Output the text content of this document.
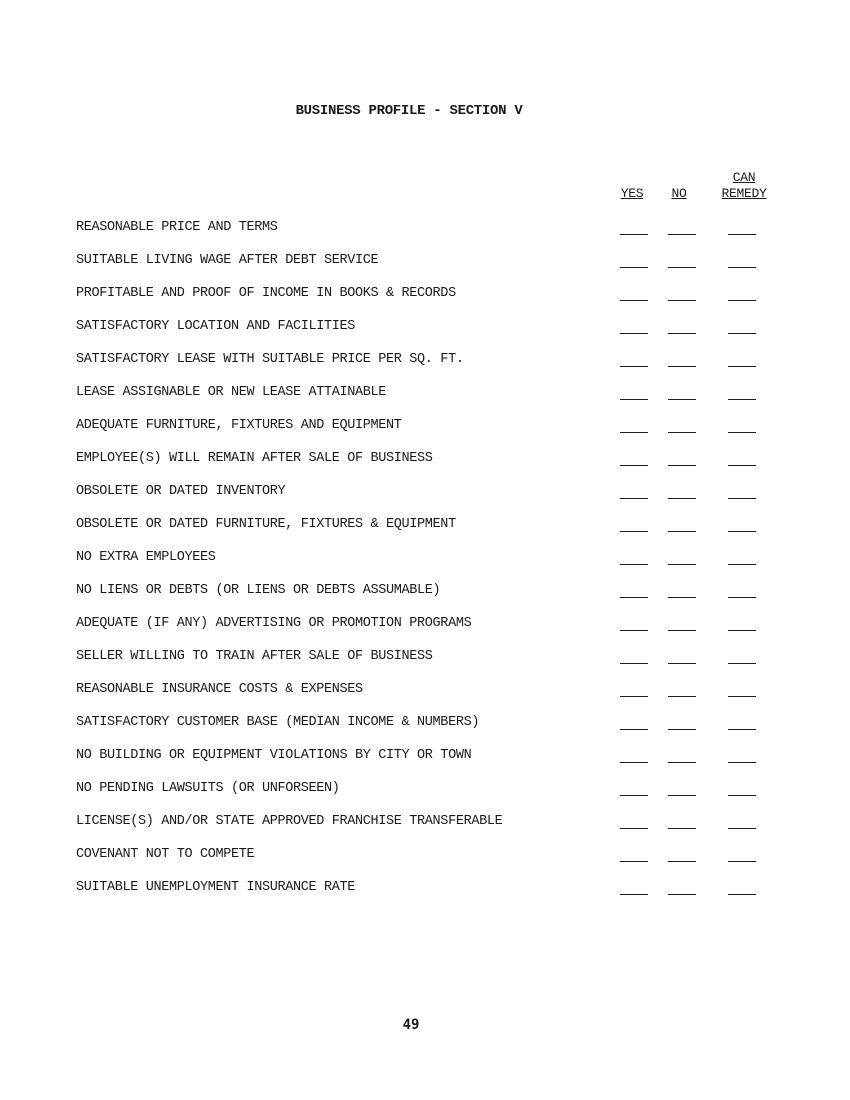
BUSINESS PROFILE - SECTION V
YES	NO
CAN
REMEDY
REASONABLE PRICE AND TERMS
SUITABLE LIVING WAGE AFTER DEBT SERVICE
PROFITABLE AND PROOF OF INCOME IN BOOKS & RECORDS
SATISFACTORY LOCATION AND FACILITIES
SATISFACTORY LEASE WITH SUITABLE PRICE PER SQ. FT.
LEASE ASSIGNABLE OR NEW LEASE ATTAINABLE
ADEQUATE FURNITURE, FIXTURES AND EQUIPMENT
EMPLOYEE(S) WILL REMAIN AFTER SALE OF BUSINESS
OBSOLETE OR DATED INVENTORY
OBSOLETE OR DATED FURNITURE, FIXTURES & EQUIPMENT
NO EXTRA EMPLOYEES
NO LIENS OR DEBTS (OR LIENS OR DEBTS ASSUMABLE)
ADEQUATE (IF ANY) ADVERTISING OR PROMOTION PROGRAMS
SELLER WILLING TO TRAIN AFTER SALE OF BUSINESS
REASONABLE INSURANCE COSTS & EXPENSES
SATISFACTORY CUSTOMER BASE (MEDIAN INCOME & NUMBERS)
NO BUILDING OR EQUIPMENT VIOLATIONS BY CITY OR TOWN
NO PENDING LAWSUITS (OR UNFORSEEN)
LICENSE(S) AND/OR STATE APPROVED FRANCHISE TRANSFERABLE
COVENANT NOT TO COMPETE
SUITABLE UNEMPLOYMENT INSURANCE RATE
49
